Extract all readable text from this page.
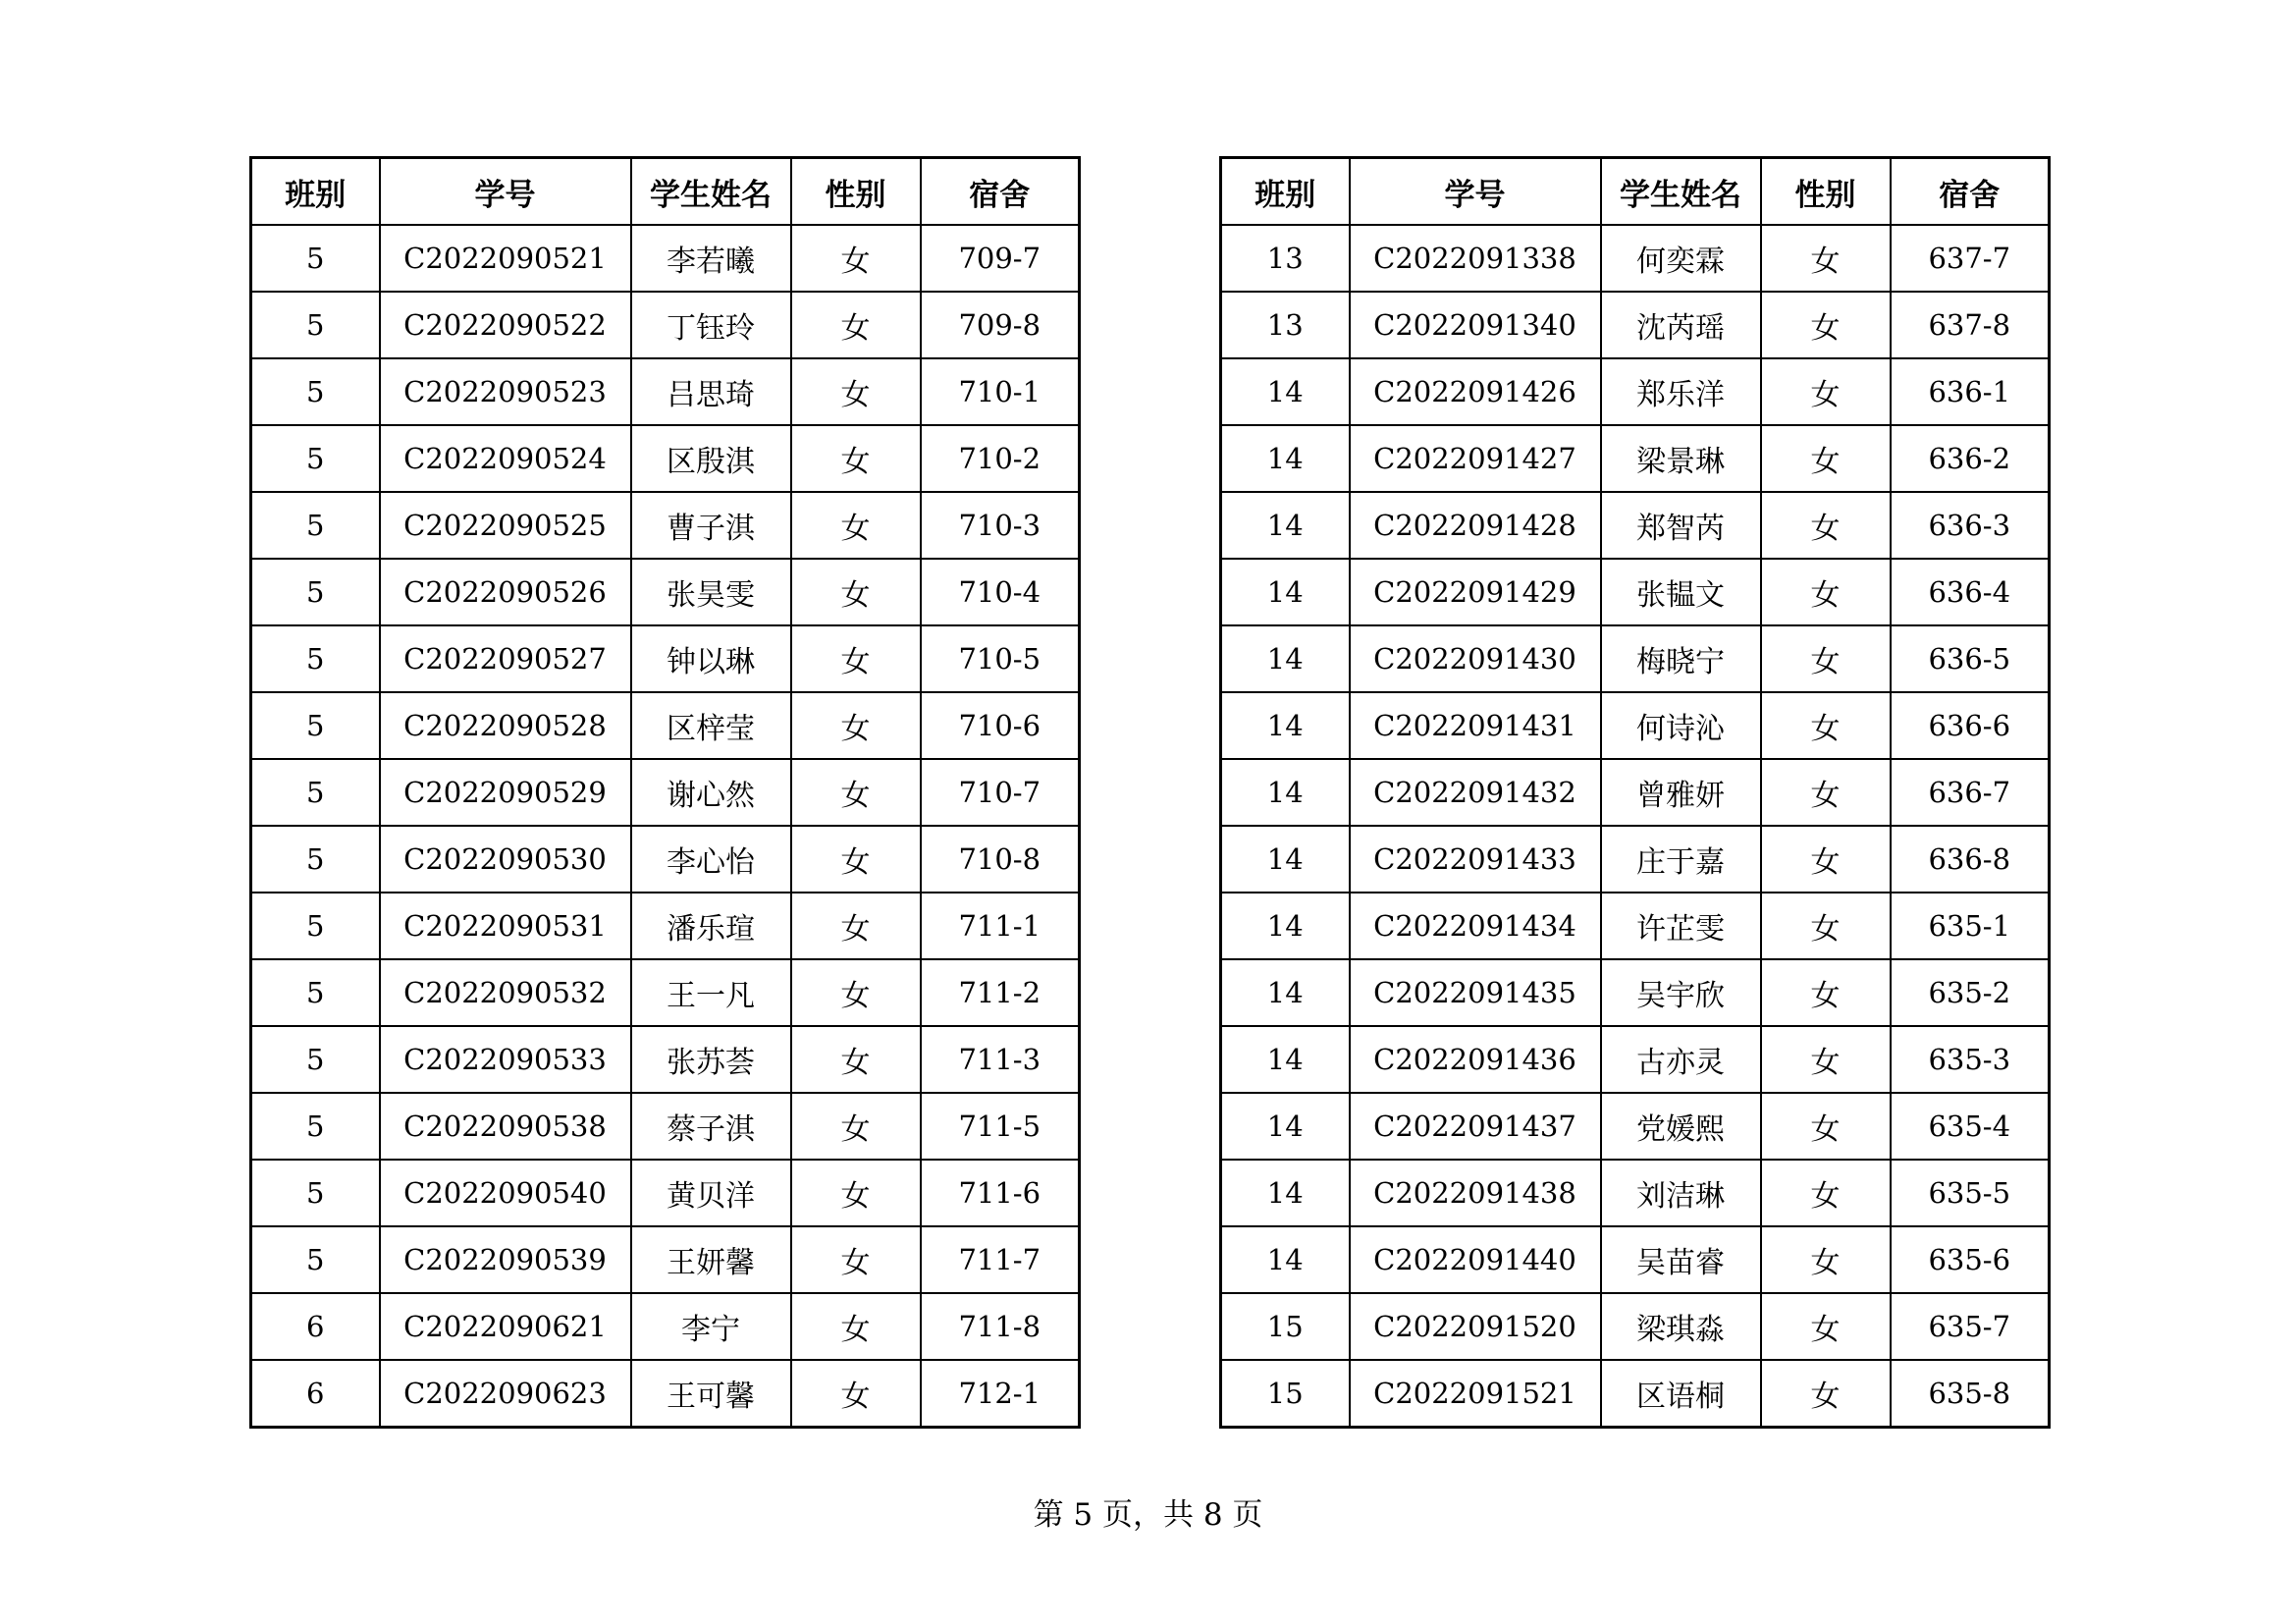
班别	学号	学生姓名	性别	宿舍
5	C2022090521	李若曦	女	709-7
5	C2022090522	丁钰玲	女	709-8
5	C2022090523	吕思琦	女	710-1
5	C2022090524	区殷淇	女	710-2
5	C2022090525	曹子淇	女	710-3
5	C2022090526	张昊雯	女	710-4
5	C2022090527	钟以琳	女	710-5
5	C2022090528	区梓莹	女	710-6
5	C2022090529	谢心然	女	710-7
5	C2022090530	李心怡	女	710-8
5	C2022090531	潘乐瑄	女	711-1
5	C2022090532	王一凡	女	711-2
5	C2022090533	张苏荟	女	711-3
5	C2022090538	蔡子淇	女	711-5
5	C2022090540	黄贝洋	女	711-6
5	C2022090539	王妍馨	女	711-7
6	C2022090621	李宁	女	711-8
6	C2022090623	王可馨	女	712-1
班别	学号	学生姓名	性别	宿舍
13	C2022091338	何奕霖	女	637-7
13	C2022091340	沈芮瑶	女	637-8
14	C2022091426	郑乐洋	女	636-1
14	C2022091427	梁景琳	女	636-2
14	C2022091428	郑智芮	女	636-3
14	C2022091429	张韫文	女	636-4
14	C2022091430	梅晓宁	女	636-5
14	C2022091431	何诗沁	女	636-6
14	C2022091432	曾雅妍	女	636-7
14	C2022091433	庄于嘉	女	636-8
14	C2022091434	许芷雯	女	635-1
14	C2022091435	吴宇欣	女	635-2
14	C2022091436	古亦灵	女	635-3
14	C2022091437	党媛熙	女	635-4
14	C2022091438	刘洁琳	女	635-5
14	C2022091440	吴苗睿	女	635-6
15	C2022091520	梁琪淼	女	635-7
15	C2022091521	区语桐	女	635-8
第 5 页，共 8 页
